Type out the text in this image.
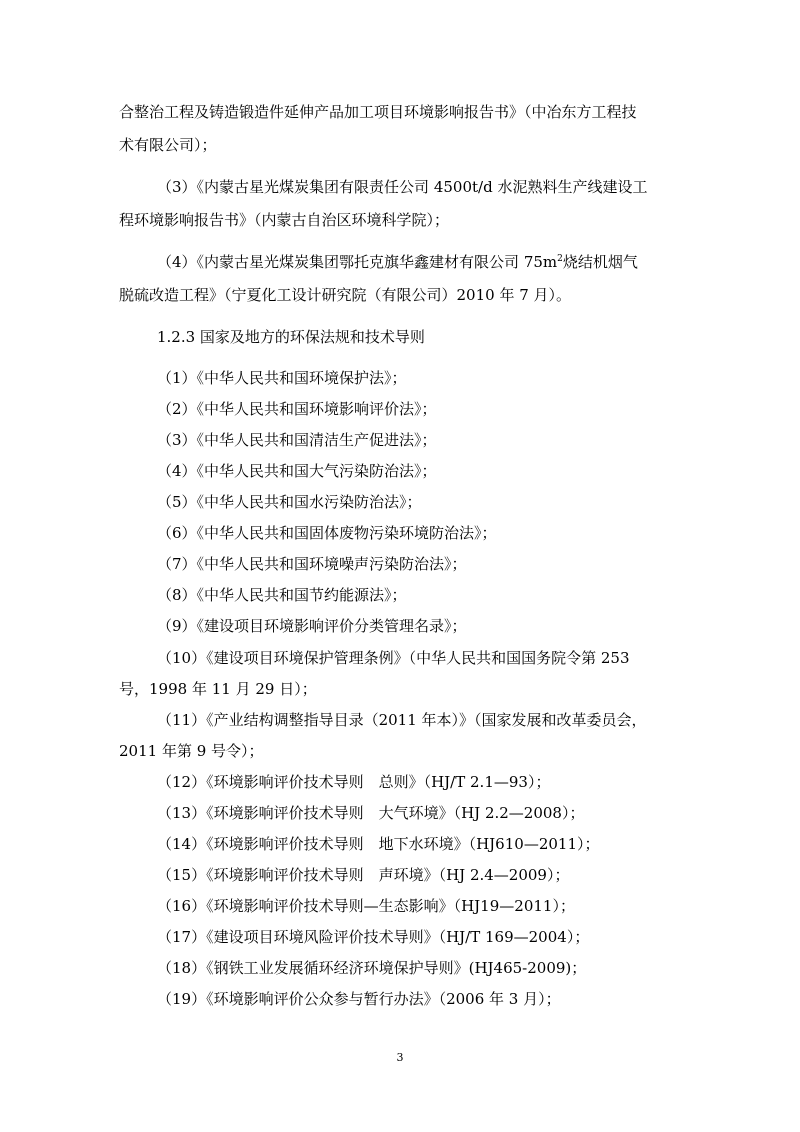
合整治工程及铸造锻造件延伸产品加工项目环境影响报告书》（中冶东方工程技
术有限公司）；
（3）《内蒙古星光煤炭集团有限责任公司 4500t/d 水泥熟料生产线建设工
程环境影响报告书》（内蒙古自治区环境科学院）；
（4）《内蒙古星光煤炭集团鄂托克旗华鑫建材有限公司 $75m^2$烧结机烟气
脱硫改造工程》（宁夏化工设计研究院（有限公司）2010 年 7 月）。
1.2.3 国家及地方的环保法规和技术导则
（1）《中华人民共和国环境保护法》；
（2）《中华人民共和国环境影响评价法》；
（3）《中华人民共和国清洁生产促进法》；
（4）《中华人民共和国大气污染防治法》；
（5）《中华人民共和国水污染防治法》；
（6）《中华人民共和国固体废物污染环境防治法》；
（7）《中华人民共和国环境噪声污染防治法》；
（8）《中华人民共和国节约能源法》；
（9）《建设项目环境影响评价分类管理名录》；
（10）《建设项目环境保护管理条例》（中华人民共和国国务院令第 253
号，1998 年 11 月 29 日）；
（11）《产业结构调整指导目录（2011 年本）》（国家发展和改革委员会，
2011 年第 9 号令）；
（12）《环境影响评价技术导则　总则》（HJ/T 2.1—93）；
（13）《环境影响评价技术导则　大气环境》（HJ 2.2—2008）；
（14）《环境影响评价技术导则　地下水环境》（HJ610—2011）；
（15）《环境影响评价技术导则　声环境》（HJ 2.4—2009）；
（16）《环境影响评价技术导则—生态影响》（HJ19—2011）；
（17）《建设项目环境风险评价技术导则》（HJ/T 169—2004）；
（18）《钢铁工业发展循环经济环境保护导则》(HJ465-2009)；
（19）《环境影响评价公众参与暂行办法》（2006 年 3 月）；
3
